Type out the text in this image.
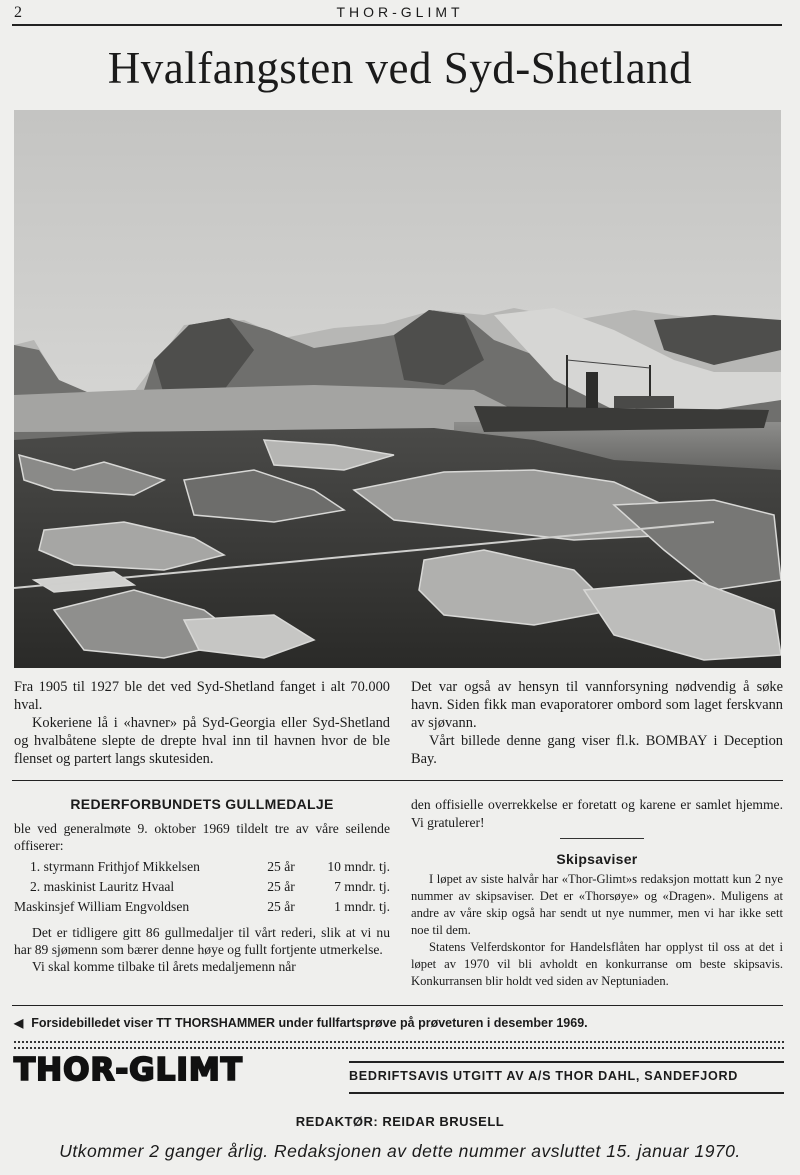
2	THOR-GLIMT
Hvalfangsten ved Syd-Shetland

Fra 1905 til 1927 ble det ved Syd-Shetland fanget i alt 70.000 hval.

Kokeriene lå i «havner» på Syd-Georgia eller Syd-Shetland og hvalbåtene slepte de drepte hval inn til havnen hvor de ble flenset og partert langs skutesiden.

Det var også av hensyn til vannforsyning nødvendig å søke havn. Siden fikk man evaporatorer ombord som laget ferskvann av sjøvann.

Vårt billede denne gang viser fl.k. BOMBAY i Deception Bay.

REDERFORBUNDETS GULLMEDALJE

ble ved generalmøte 9. oktober 1969 tildelt tre av våre seilende offiserer:

1. styrmann Frithjof Mikkelsen	25 år	10 mndr. tj.
2. maskinist Lauritz Hvaal	25 år	7 mndr. tj.
Maskinsjef William Engvoldsen	25 år	1 mndr. tj.

Det er tidligere gitt 86 gullmedaljer til vårt rederi, slik at vi nu har 89 sjømenn som bærer denne høye og fullt fortjente utmerkelse.

Vi skal komme tilbake til årets medaljemenn når

den offisielle overrekkelse er foretatt og karene er samlet hjemme. Vi gratulerer!

Skipsaviser

I løpet av siste halvår har «Thor-Glimt»s redaksjon mottatt kun 2 nye nummer av skipsaviser. Det er «Thorsøye» og «Dragen». Muligens at andre av våre skip også har sendt ut nye nummer, men vi har ikke sett noe til dem.

Statens Velferdskontor for Handelsflåten har opplyst til oss at det i løpet av 1970 vil bli avholdt en konkurranse om beste skipsavis. Konkurransen blir holdt ved siden av Neptuniaden.

◀ Forsidebilledet viser TT THORSHAMMER under fullfartsprøve på prøveturen i desember 1969.
THOR-GLIMT	BEDRIFTSAVIS UTGITT AV A/S THOR DAHL, SANDEFJORD
REDAKTØR: REIDAR BRUSELL
Utkommer 2 ganger årlig. Redaksjonen av dette nummer avsluttet 15. januar 1970.
